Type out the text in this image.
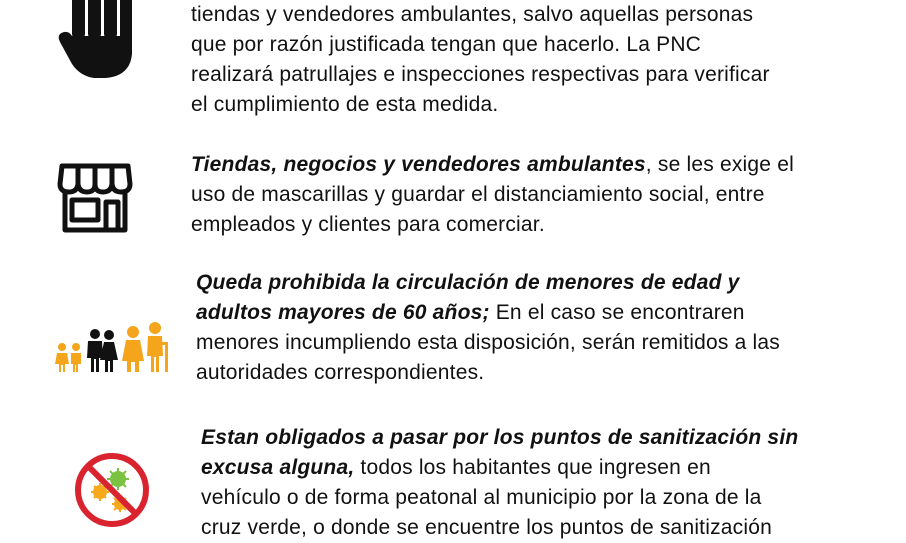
tiendas y vendedores ambulantes, salvo aquellas personas
que por razón justificada tengan que hacerlo. La PNC
realizará patrullajes e inspecciones respectivas para verificar
el cumplimiento de esta medida.
Tiendas, negocios y vendedores ambulantes, se les exige el
uso de mascarillas y guardar el distanciamiento social, entre
empleados y clientes para comerciar.
Queda prohibida la circulación de menores de edad y
adultos mayores de 60 años; En el caso se encontraren
menores incumpliendo esta disposición, serán remitidos a las
autoridades correspondientes.
Estan obligados a pasar por los puntos de sanitización sin
excusa alguna, todos los habitantes que ingresen en
vehículo o de forma peatonal al municipio por la zona de la
cruz verde, o donde se encuentre los puntos de sanitización
